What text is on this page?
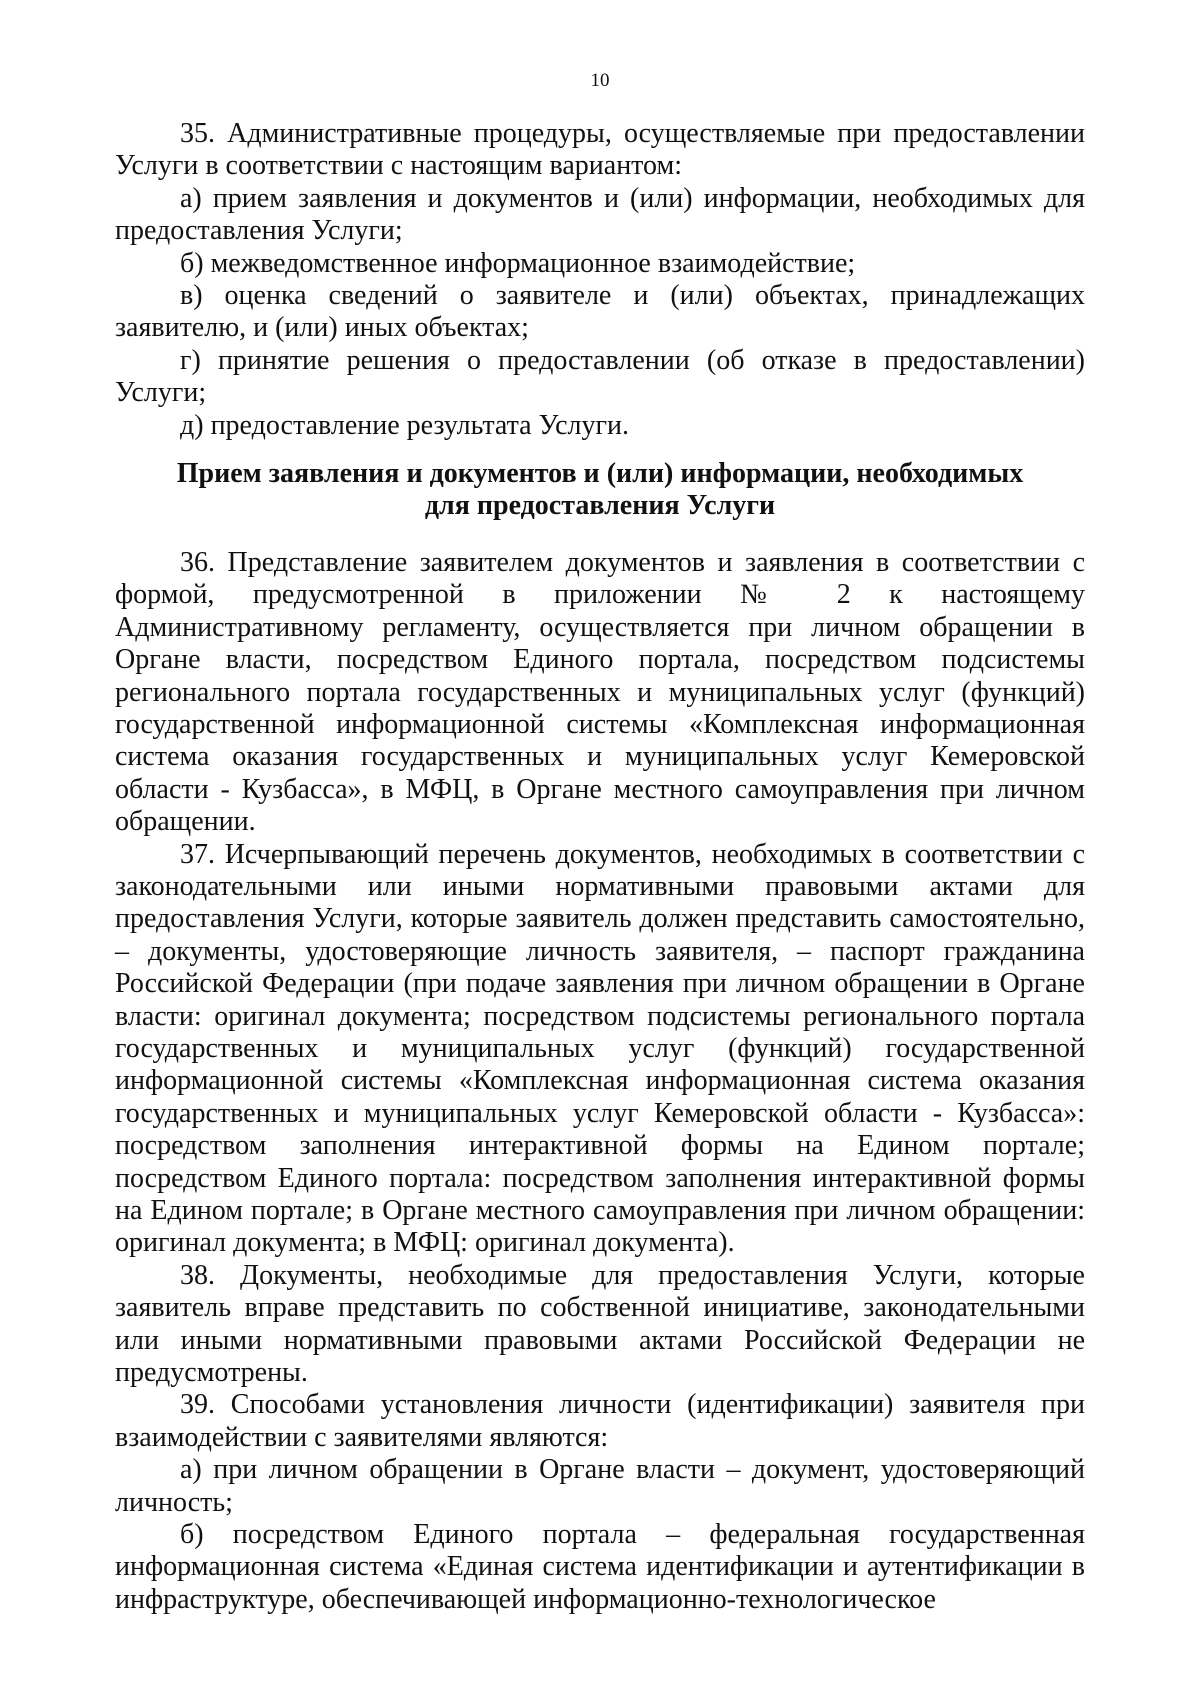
10

35. Административные процедуры, осуществляемые при предоставлении Услуги в соответствии с настоящим вариантом:

а) прием заявления и документов и (или) информации, необходимых для предоставления Услуги;

б) межведомственное информационное взаимодействие;

в) оценка сведений о заявителе и (или) объектах, принадлежащих заявителю, и (или) иных объектах;

г) принятие решения о предоставлении (об отказе в предоставлении) Услуги;

д) предоставление результата Услуги.

Прием заявления и документов и (или) информации, необходимых для предоставления Услуги

36. Представление заявителем документов и заявления в соответствии с формой, предусмотренной в приложении № 2 к настоящему Административному регламенту, осуществляется при личном обращении в Органе власти, посредством Единого портала, посредством подсистемы регионального портала государственных и муниципальных услуг (функций) государственной информационной системы «Комплексная информационная система оказания государственных и муниципальных услуг Кемеровской области - Кузбасса», в МФЦ, в Органе местного самоуправления при личном обращении.

37. Исчерпывающий перечень документов, необходимых в соответствии с законодательными или иными нормативными правовыми актами для предоставления Услуги, которые заявитель должен представить самостоятельно, – документы, удостоверяющие личность заявителя, – паспорт гражданина Российской Федерации (при подаче заявления при личном обращении в Органе власти: оригинал документа; посредством подсистемы регионального портала государственных и муниципальных услуг (функций) государственной информационной системы «Комплексная информационная система оказания государственных и муниципальных услуг Кемеровской области - Кузбасса»: посредством заполнения интерактивной формы на Едином портале; посредством Единого портала: посредством заполнения интерактивной формы на Едином портале; в Органе местного самоуправления при личном обращении: оригинал документа; в МФЦ: оригинал документа).

38. Документы, необходимые для предоставления Услуги, которые заявитель вправе представить по собственной инициативе, законодательными или иными нормативными правовыми актами Российской Федерации не предусмотрены.

39. Способами установления личности (идентификации) заявителя при взаимодействии с заявителями являются:

а) при личном обращении в Органе власти – документ, удостоверяющий личность;

б) посредством Единого портала – федеральная государственная информационная система «Единая система идентификации и аутентификации в инфраструктуре, обеспечивающей информационно-технологическое
